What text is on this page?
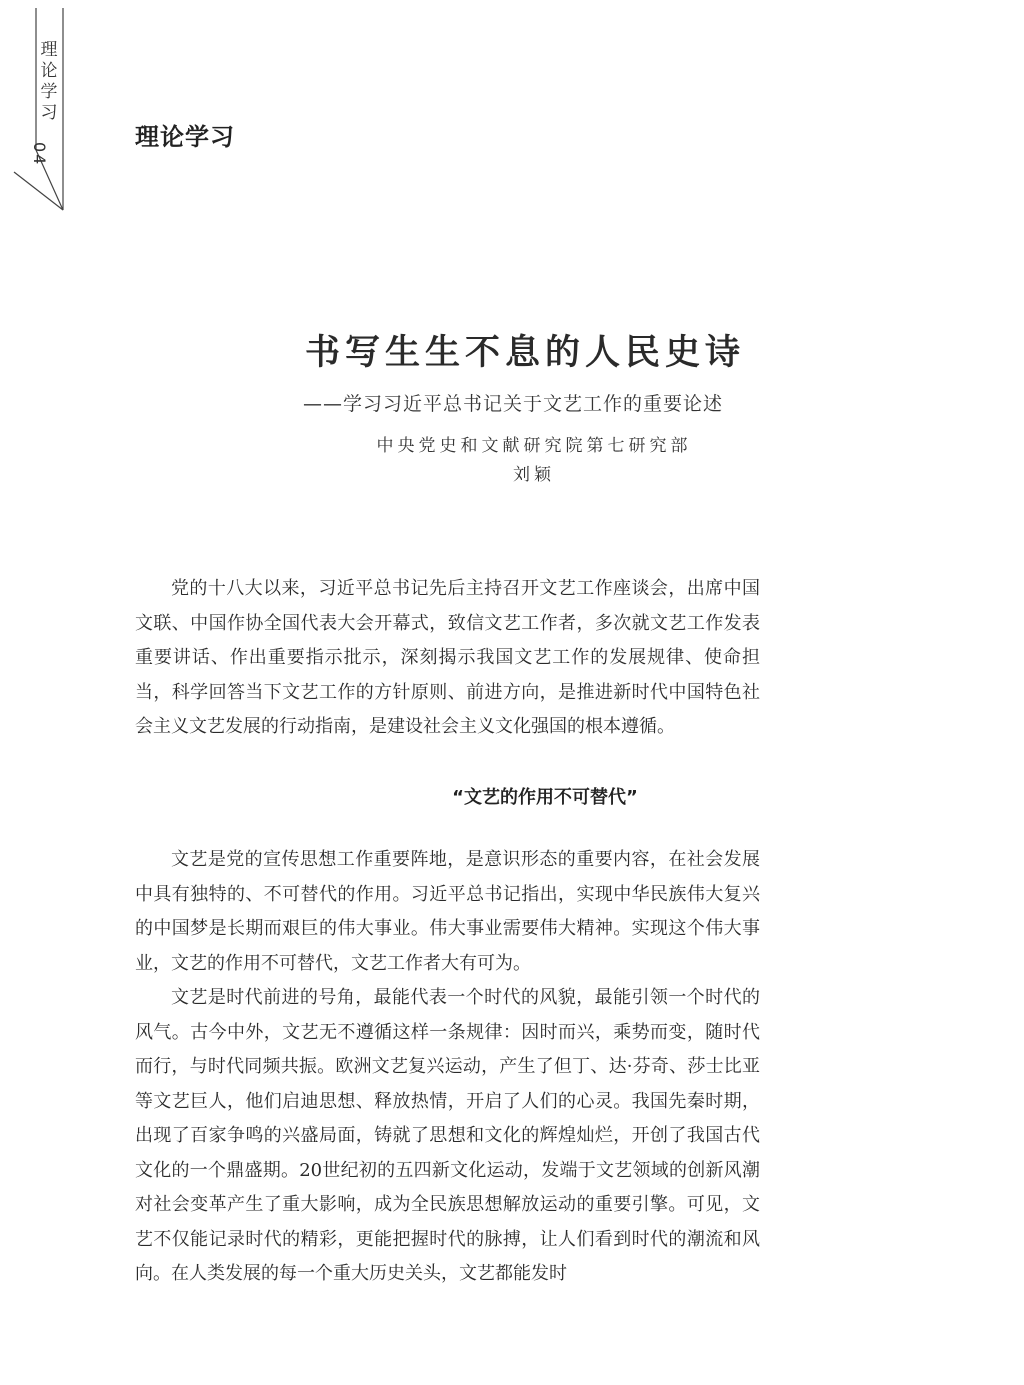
理论学习
04
理论学习
书写生生不息的人民史诗
——学习习近平总书记关于文艺工作的重要论述
中央党史和文献研究院第七研究部
刘颖

党的十八大以来，习近平总书记先后主持召开文艺工作座谈会，出席中国文联、中国作协全国代表大会开幕式，致信文艺工作者，多次就文艺工作发表重要讲话、作出重要指示批示，深刻揭示我国文艺工作的发展规律、使命担当，科学回答当下文艺工作的方针原则、前进方向，是推进新时代中国特色社会主义文艺发展的行动指南，是建设社会主义文化强国的根本遵循。

“文艺的作用不可替代”

文艺是党的宣传思想工作重要阵地，是意识形态的重要内容，在社会发展中具有独特的、不可替代的作用。习近平总书记指出，实现中华民族伟大复兴的中国梦是长期而艰巨的伟大事业。伟大事业需要伟大精神。实现这个伟大事业，文艺的作用不可替代，文艺工作者大有可为。

文艺是时代前进的号角，最能代表一个时代的风貌，最能引领一个时代的风气。古今中外，文艺无不遵循这样一条规律：因时而兴，乘势而变，随时代而行，与时代同频共振。欧洲文艺复兴运动，产生了但丁、达·芬奇、莎士比亚等文艺巨人，他们启迪思想、释放热情，开启了人们的心灵。我国先秦时期，出现了百家争鸣的兴盛局面，铸就了思想和文化的辉煌灿烂，开创了我国古代文化的一个鼎盛期。20世纪初的五四新文化运动，发端于文艺领域的创新风潮对社会变革产生了重大影响，成为全民族思想解放运动的重要引擎。可见，文艺不仅能记录时代的精彩，更能把握时代的脉搏，让人们看到时代的潮流和风向。在人类发展的每一个重大历史关头，文艺都能发时
